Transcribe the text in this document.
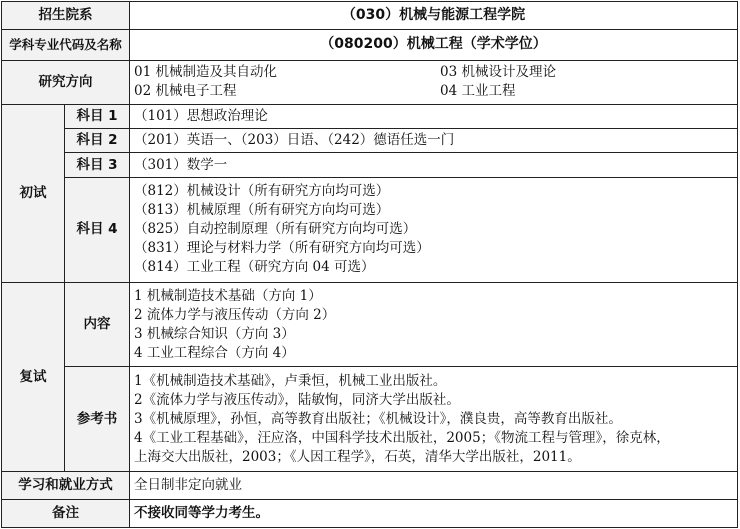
招生院系		（030）机械与能源工程学院
学科专业代码及名称		（080200）机械工程（学术学位）
研究方向		01 机械制造及其自动化 03 机械设计及理论
02 机械电子工程 04 工业工程

初试	科目 1	（101）思想政治理论

	科目 2	（201）英语一、（203）日语、（242）德语任选一门

	科目 3	（301）数学一

	科目 4	（812）机械设计（所有研究方向均可选）
（813）机械原理（所有研究方向均可选）
（825）自动控制原理（所有研究方向均可选）
（831）理论与材料力学（所有研究方向均可选）
（814）工业工程（研究方向 04 可选）

复试	内容	1 机械制造技术基础（方向 1）
2 流体力学与液压传动（方向 2）
3 机械综合知识（方向 3）
4 工业工程综合（方向 4）

	参考书	1《机械制造技术基础》，卢秉恒，机械工业出版社。
2《流体力学与液压传动》，陆敏恂，同济大学出版社。
3《机械原理》，孙恒，高等教育出版社；《机械设计》，濮良贵，高等教育出版社。
4《工业工程基础》，汪应洛，中国科学技术出版社，2005；《物流工程与管理》，徐克林，
上海交大出版社，2003；《人因工程学》，石英，清华大学出版社，2011。

学习和就业方式		全日制非定向就业
备注		不接收同等学力考生。
